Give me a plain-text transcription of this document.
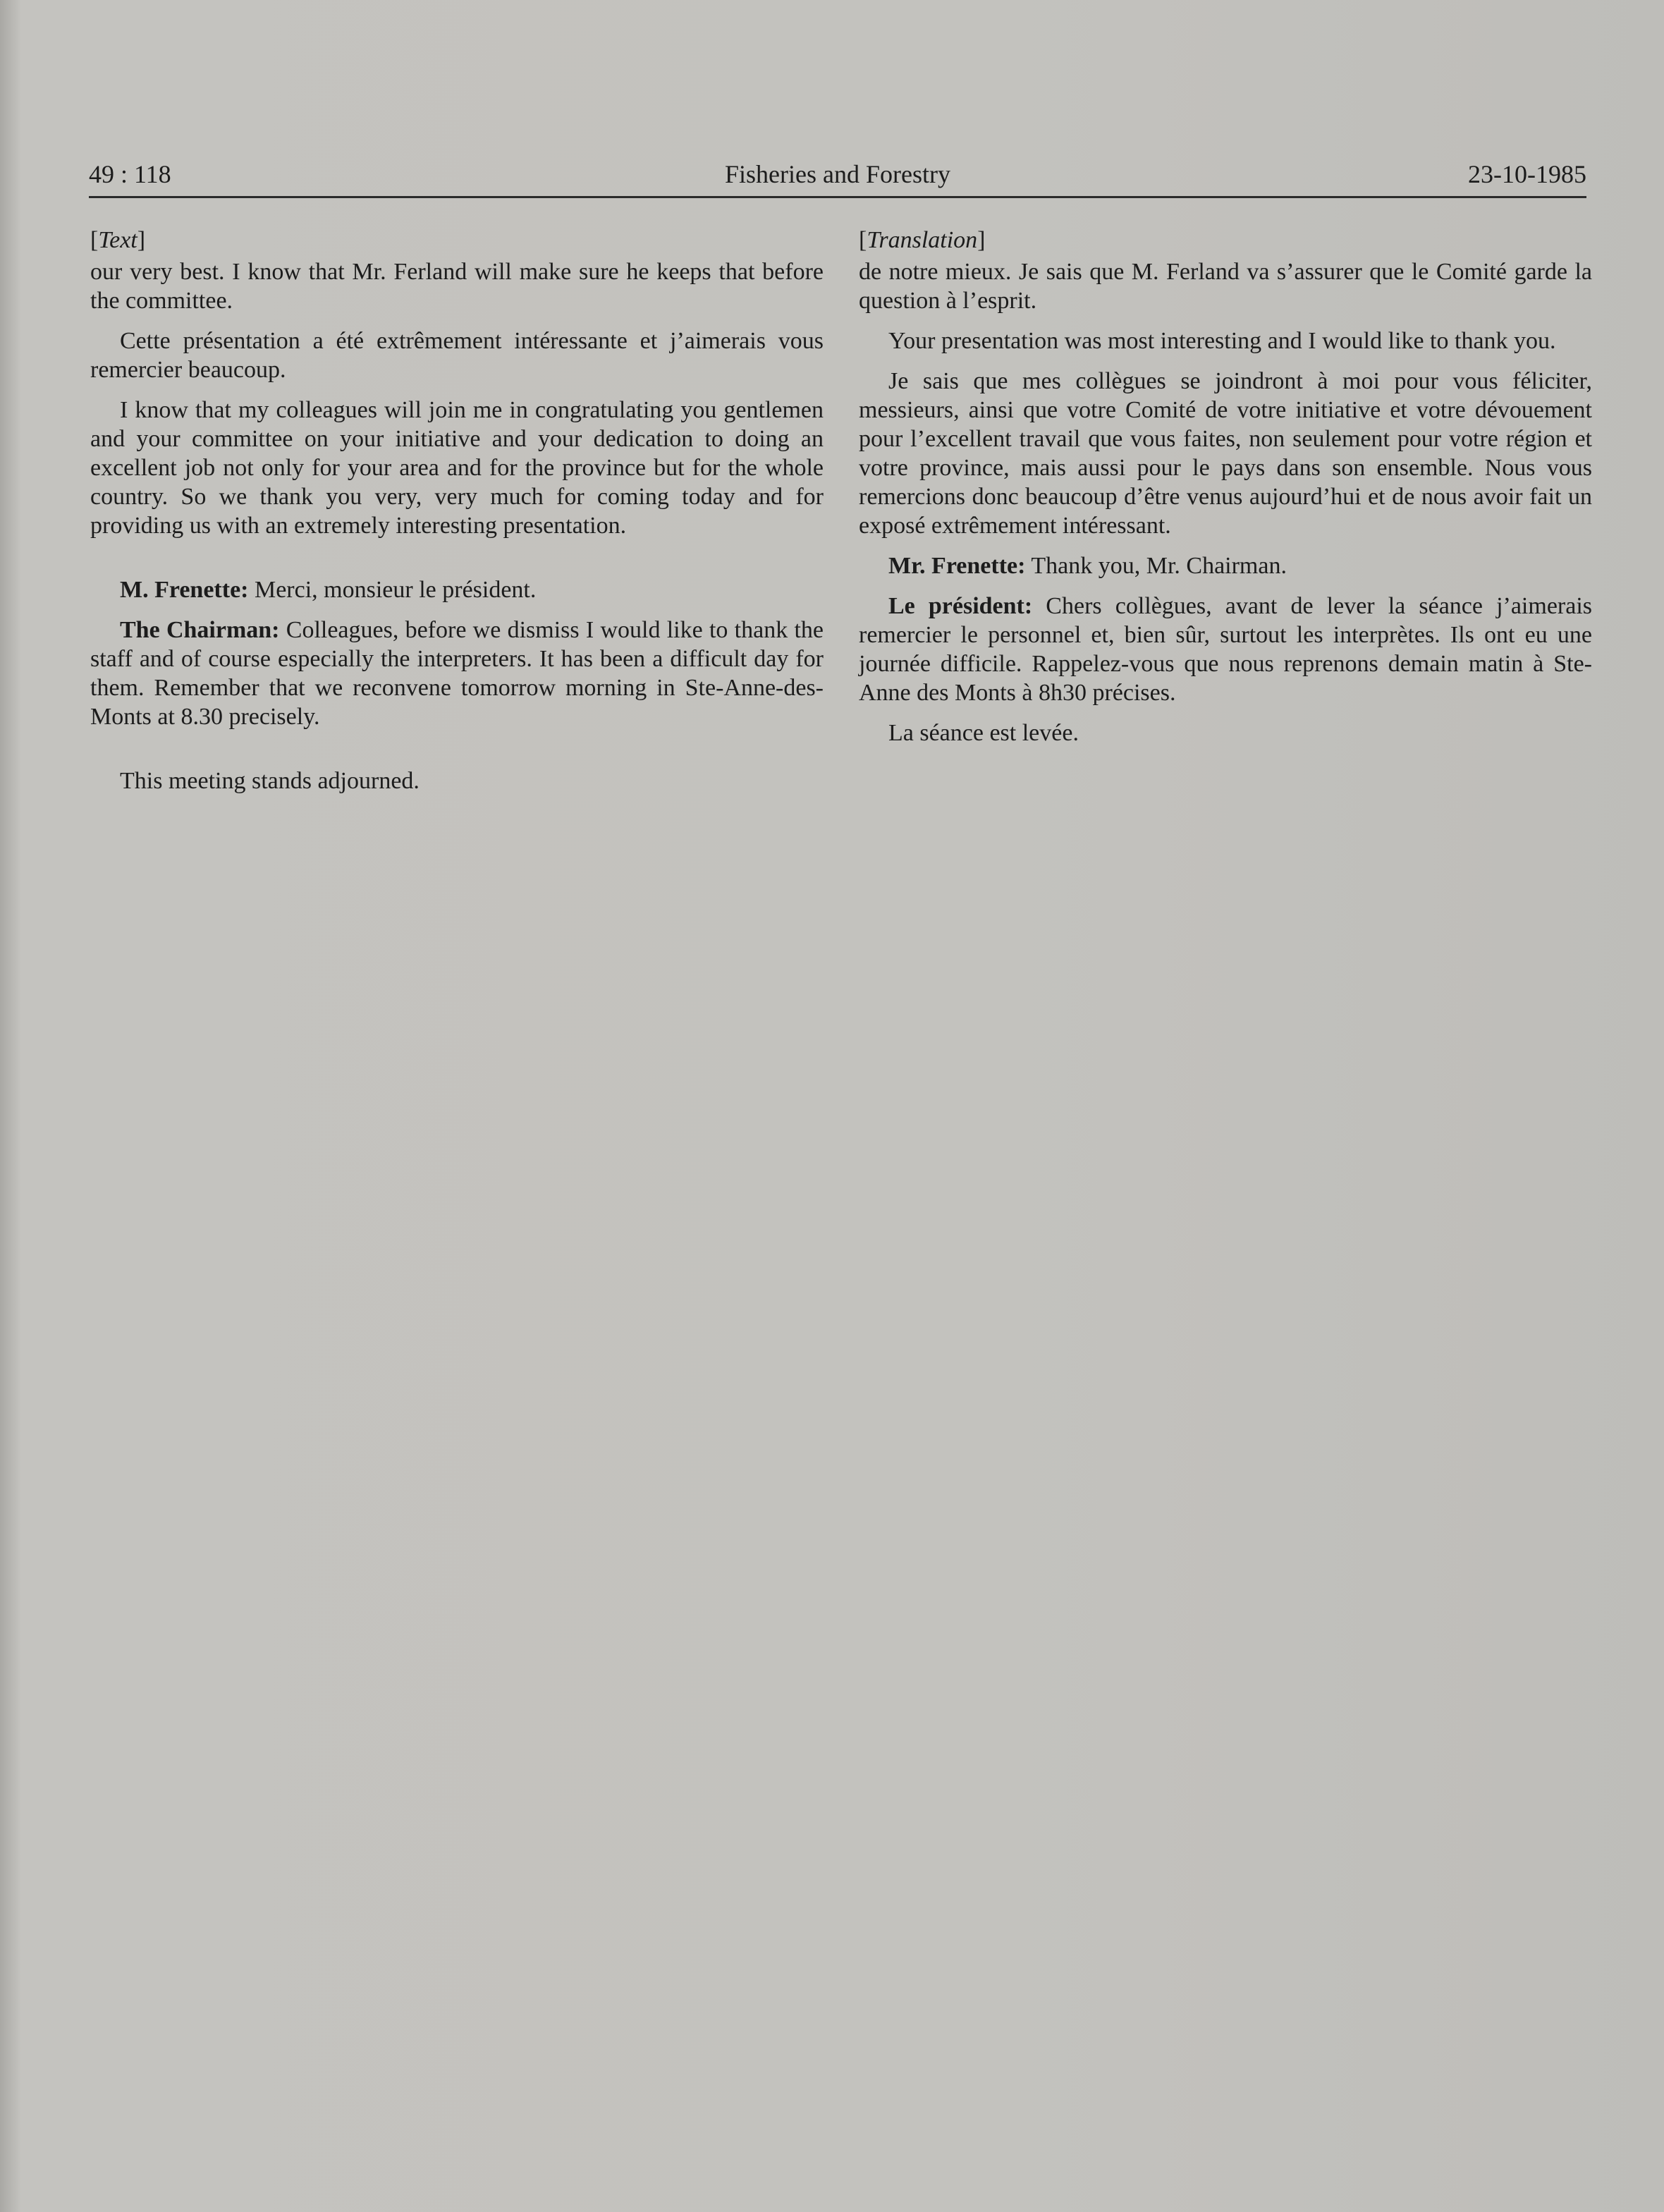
Fisheries and Forestry
49 : 118	23-10-1985

[Text]

our very best. I know that Mr. Ferland will make sure he keeps that before the committee.

Cette présentation a été extrêmement intéressante et j’aimerais vous remercier beaucoup.

I know that my colleagues will join me in congratulating you gentlemen and your committee on your initiative and your dedication to doing an excellent job not only for your area and for the province but for the whole country. So we thank you very, very much for coming today and for providing us with an extremely interesting presentation.

M. Frenette: Merci, monsieur le président.

The Chairman: Colleagues, before we dismiss I would like to thank the staff and of course especially the interpreters. It has been a difficult day for them. Remember that we reconvene tomorrow morning in Ste-Anne-des-Monts at 8.30 precisely.

This meeting stands adjourned.

[Translation]

de notre mieux. Je sais que M. Ferland va s’assurer que le Comité garde la question à l’esprit.

Your presentation was most interesting and I would like to thank you.

Je sais que mes collègues se joindront à moi pour vous féliciter, messieurs, ainsi que votre Comité de votre initiative et votre dévouement pour l’excellent travail que vous faites, non seulement pour votre région et votre province, mais aussi pour le pays dans son ensemble. Nous vous remercions donc beaucoup d’être venus aujourd’hui et de nous avoir fait un exposé extrêmement intéressant.

Mr. Frenette: Thank you, Mr. Chairman.

Le président: Chers collègues, avant de lever la séance j’aimerais remercier le personnel et, bien sûr, surtout les interprètes. Ils ont eu une journée difficile. Rappelez-vous que nous reprenons demain matin à Ste-Anne des Monts à 8h30 précises.

La séance est levée.
